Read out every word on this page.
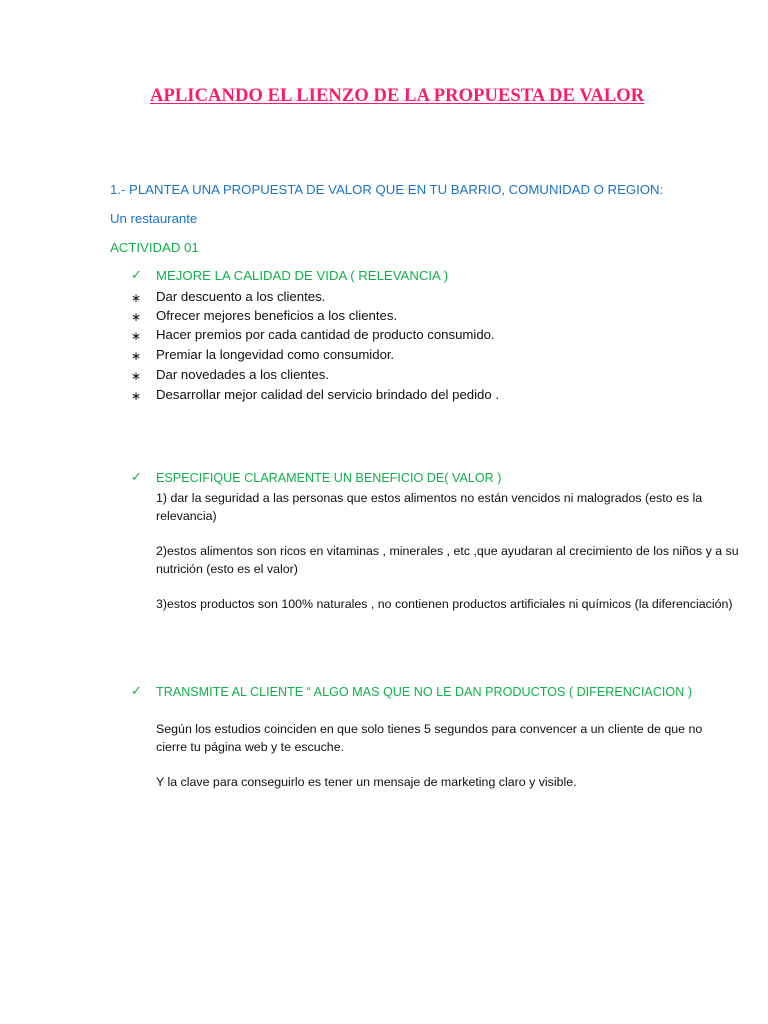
APLICANDO EL LIENZO DE LA PROPUESTA DE VALOR
1.- PLANTEA UNA PROPUESTA DE VALOR QUE EN TU BARRIO, COMUNIDAD O REGION:
Un restaurante
ACTIVIDAD 01
✓ MEJORE LA CALIDAD DE VIDA ( RELEVANCIA )
∗ Dar descuento a los clientes.
∗ Ofrecer mejores beneficios a los clientes.
∗ Hacer premios por cada cantidad de producto consumido.
∗ Premiar la longevidad como consumidor.
∗ Dar novedades a los clientes.
∗ Desarrollar mejor calidad del servicio brindado del pedido .
✓ ESPECIFIQUE CLARAMENTE UN BENEFICIO DE( VALOR )
1) dar la seguridad a las personas que estos alimentos no están vencidos ni malogrados (esto es la relevancia)
2)estos alimentos son ricos en vitaminas , minerales , etc ,que ayudaran al crecimiento de los niños y a su nutrición (esto es el valor)
3)estos productos son 100% naturales , no contienen productos artificiales ni químicos (la diferenciación)
✓ TRANSMITE AL CLIENTE “ ALGO MAS QUE NO LE DAN PRODUCTOS ( DIFERENCIACION )
Según los estudios coinciden en que solo tienes 5 segundos para convencer a un cliente de que no cierre tu página web y te escuche.
Y la clave para conseguirlo es tener un mensaje de marketing claro y visible.
